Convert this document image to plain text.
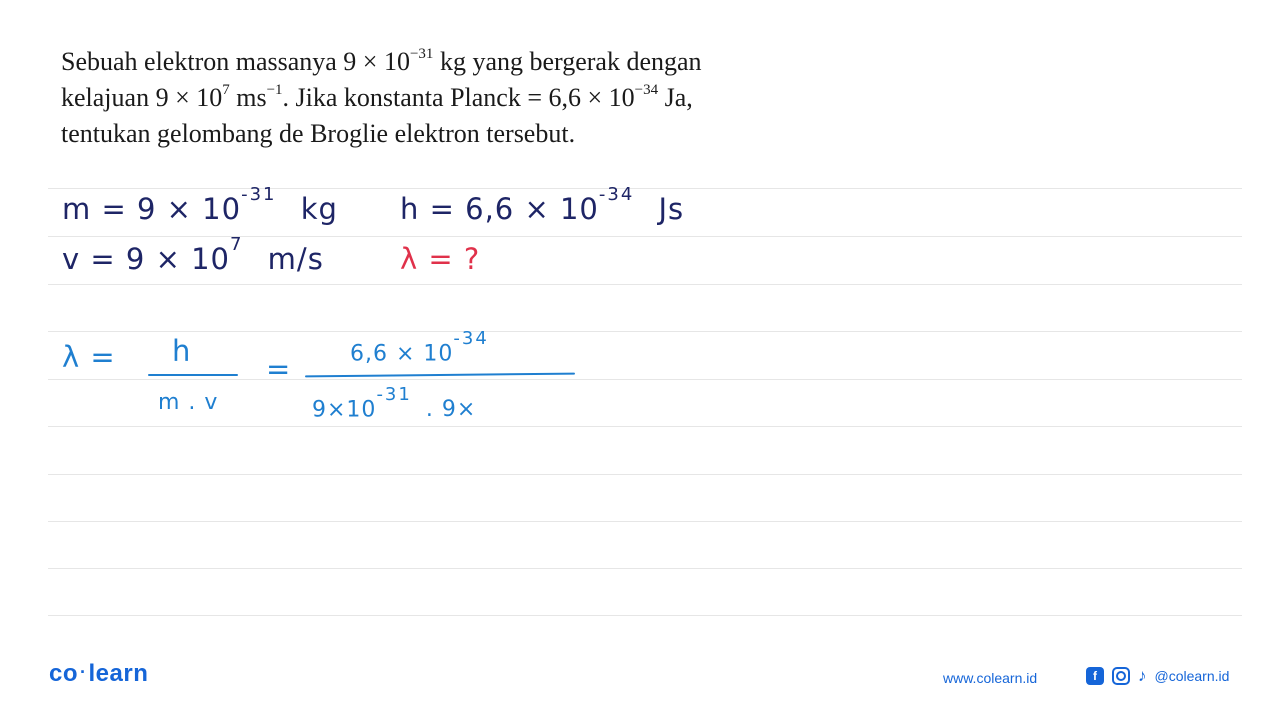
Sebuah elektron massanya $9 \times 10^{-31}$ kg yang bergerak dengan
kelajuan $9 \times 10^7$ $ms^{-1}$. Jika konstanta Planck = $6,6 \times 10^{-34}$ Ja,
tentukan gelombang de Broglie elektron tersebut.
$m = 9 \times 10^{-31}$ kg $h = 6,6 \times 10^{-34}$ Js
$v = 9 \times 10^7$ m/s	λ = ?
λ = h
m . v
=	$6,6 \times 10^{-34}$
$9\times 10^{-31}$ . 9×
co ·learn	www.colearn.id	f	♪ @colearn.id
